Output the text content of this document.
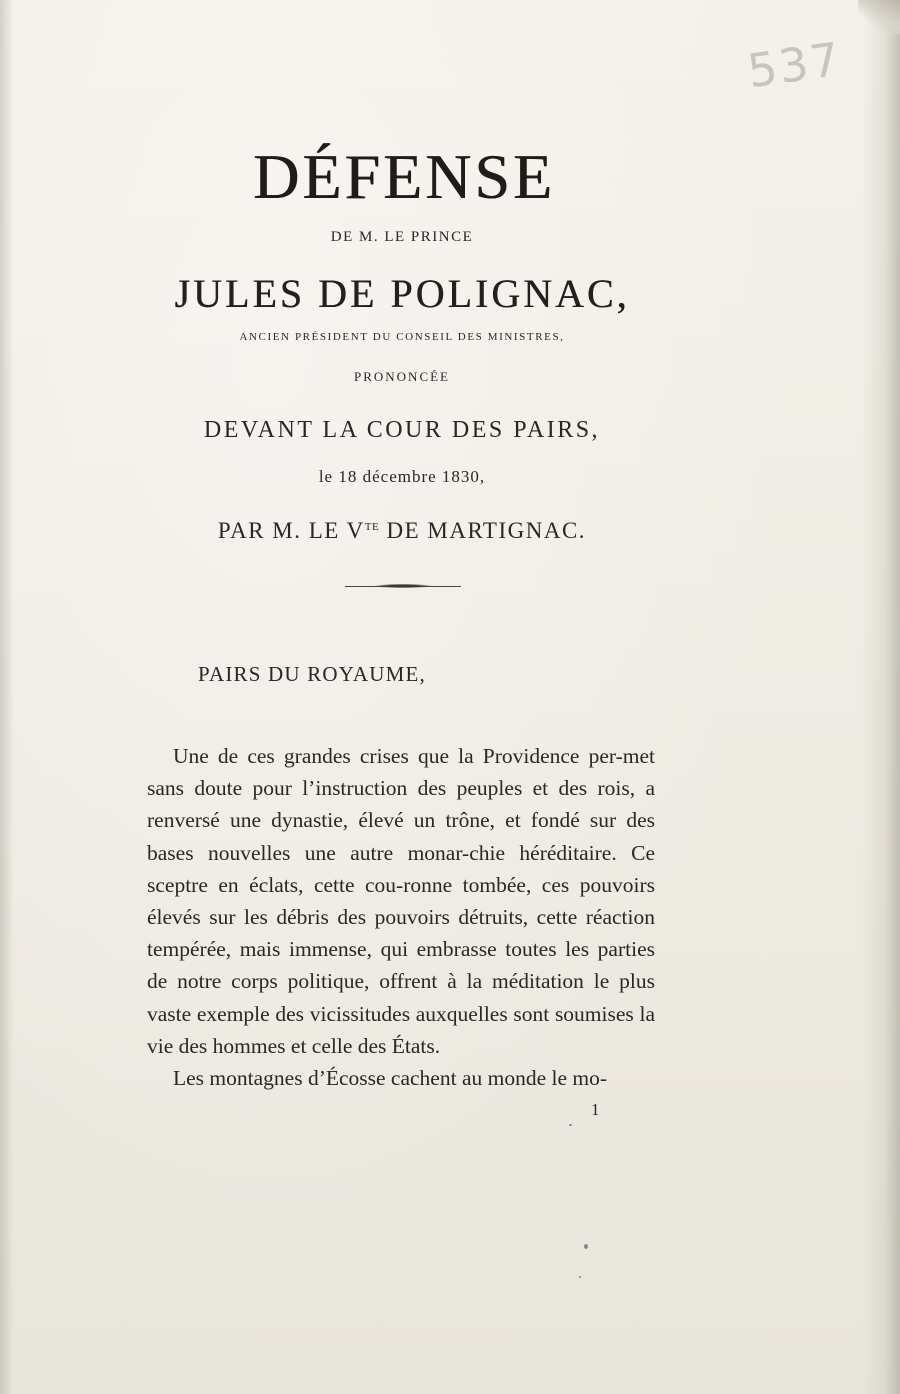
537
DÉFENSE
DE M. LE PRINCE
JULES DE POLIGNAC,
ANCIEN PRÉSIDENT DU CONSEIL DES MINISTRES,
PRONONCÉE
DEVANT LA COUR DES PAIRS,
le 18 décembre 1830,
PAR M. LE $V^{TE}$ DE MARTIGNAC.
PAIRS DU ROYAUME,

Une de ces grandes crises que la Providence per-met sans doute pour l’instruction des peuples et des rois, a renversé une dynastie, élevé un trône, et fondé sur des bases nouvelles une autre monar-chie héréditaire. Ce sceptre en éclats, cette cou-ronne tombée, ces pouvoirs élevés sur les débris des pouvoirs détruits, cette réaction tempérée, mais immense, qui embrasse toutes les parties de notre corps politique, offrent à la méditation le plus vaste exemple des vicissitudes auxquelles sont soumises la vie des hommes et celle des États.

Les montagnes d’Écosse cachent au monde le mo-

1
